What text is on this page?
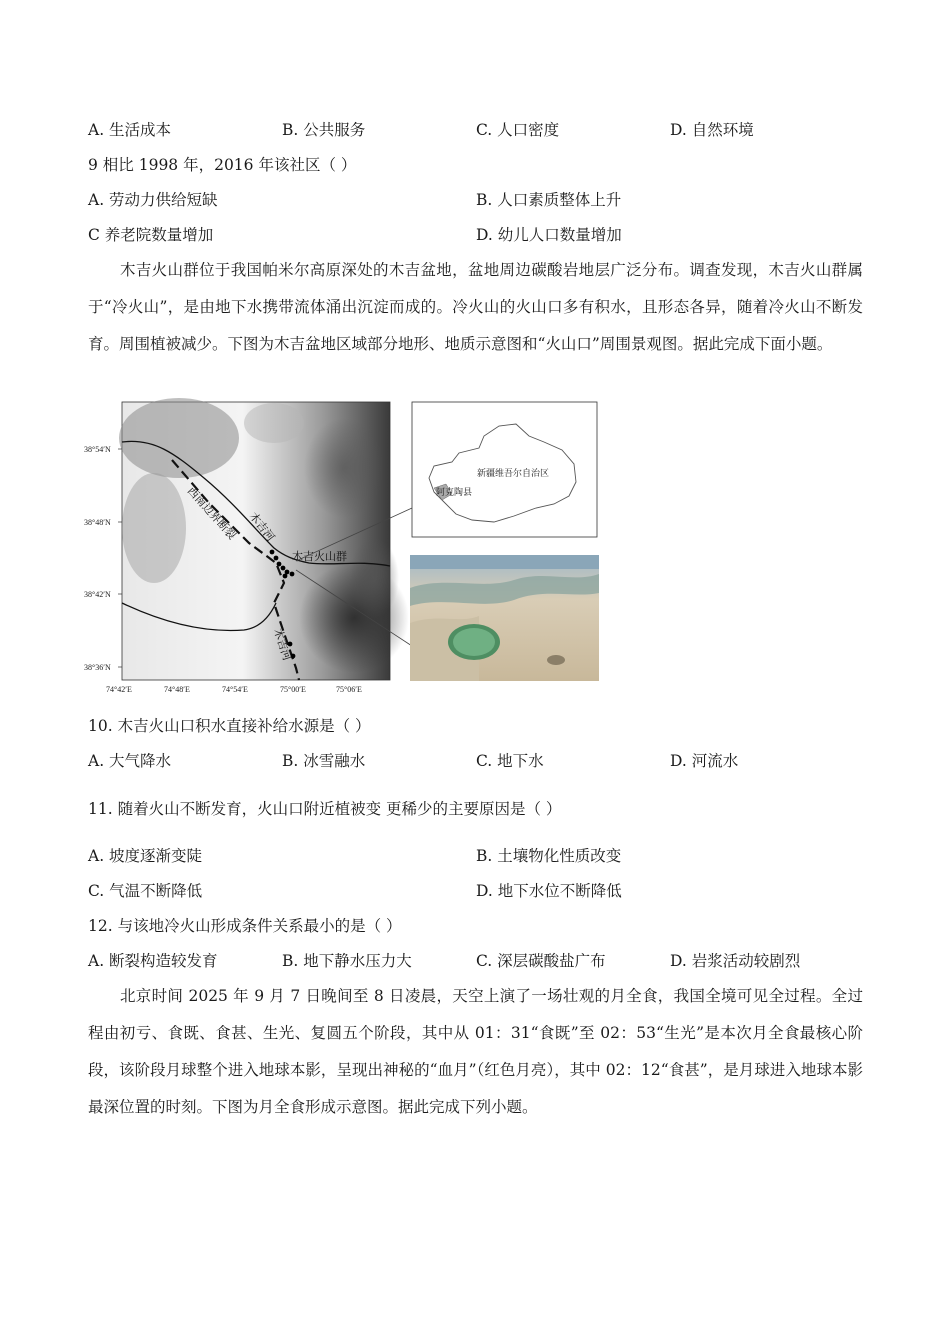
A. 生活成本	B. 公共服务	C. 人口密度	D. 自然环境
9 相比 1998 年，2016 年该社区（ ）
A. 劳动力供给短缺	B. 人口素质整体上升
C 养老院数量增加	D. 幼儿人口数量增加

木吉火山群位于我国帕米尔高原深处的木吉盆地，盆地周边碳酸岩地层广泛分布。调查发现，木吉火山群属于“冷火山”，是由地下水携带流体涌出沉淀而成的。冷火山的火山口多有积水，且形态各异，随着冷火山不断发育。周围植被减少。下图为木吉盆地区域部分地形、地质示意图和“火山口”周围景观图。据此完成下面小题。

西南边界断裂 木吉河
木吉火山群
木吉河
38°54′N
38°48′N
38°42′N
38°36′N
74°42′E	74°48′E	74°54′E	75°00′E	75°06′E
新疆维吾尔自治区
阿克陶县
10. 木吉火山口积水直接补给水源是（ ）
A. 大气降水	B. 冰雪融水	C. 地下水	D. 河流水
11. 随着火山不断发育，火山口附近植被变 更稀少的主要原因是（ ）
A. 坡度逐渐变陡	B. 土壤物化性质改变
C. 气温不断降低	D. 地下水位不断降低
12. 与该地冷火山形成条件关系最小的是（ ）
A. 断裂构造较发育	B. 地下静水压力大	C. 深层碳酸盐广布	D. 岩浆活动较剧烈

北京时间 2025 年 9 月 7 日晚间至 8 日凌晨，天空上演了一场壮观的月全食，我国全境可见全过程。全过程由初亏、食既、食甚、生光、复圆五个阶段，其中从 01：31“食既”至 02：53“生光”是本次月全食最核心阶段，该阶段月球整个进入地球本影，呈现出神秘的“血月”（红色月亮），其中 02：12“食甚”，是月球进入地球本影最深位置的时刻。下图为月全食形成示意图。据此完成下列小题。
